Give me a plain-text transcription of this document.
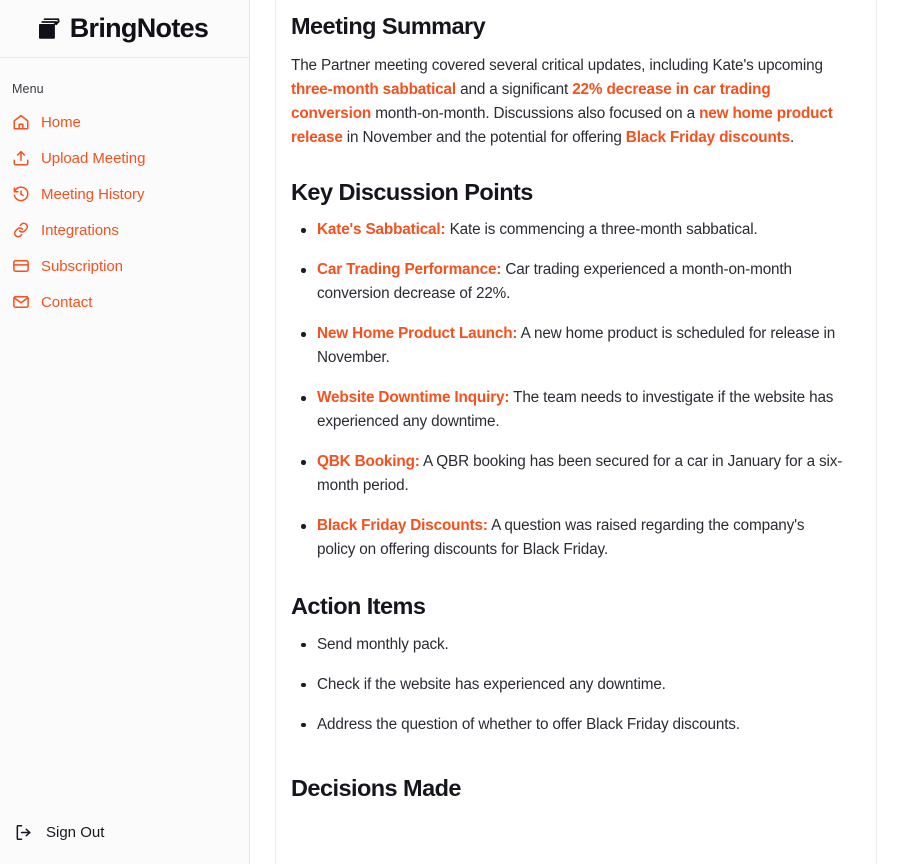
BringNotes
Menu
Home
Upload Meeting
Meeting History
Integrations
Subscription
Contact
Sign Out
Meeting Summary

The Partner meeting covered several critical updates, including Kate's upcoming three-month sabbatical and a significant 22% decrease in car trading conversion month-on-month. Discussions also focused on a new home product release in November and the potential for offering Black Friday discounts.

Key Discussion Points
Kate's Sabbatical: Kate is commencing a three-month sabbatical.
Car Trading Performance: Car trading experienced a month-on-month conversion decrease of 22%.
New Home Product Launch: A new home product is scheduled for release in November.
Website Downtime Inquiry: The team needs to investigate if the website has experienced any downtime.
QBK Booking: A QBR booking has been secured for a car in January for a six-month period.
Black Friday Discounts: A question was raised regarding the company's policy on offering discounts for Black Friday.
Action Items
Send monthly pack.
Check if the website has experienced any downtime.
Address the question of whether to offer Black Friday discounts.
Decisions Made
